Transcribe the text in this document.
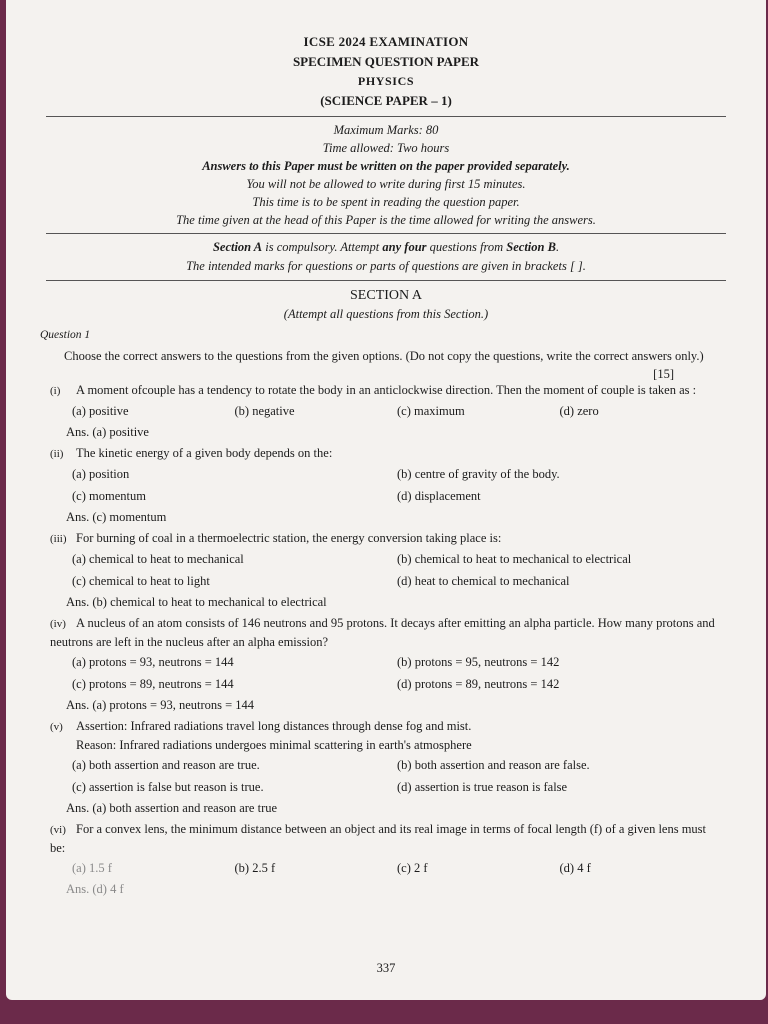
ICSE 2024 EXAMINATION
SPECIMEN QUESTION PAPER
PHYSICS
(SCIENCE PAPER – 1)
Maximum Marks: 80
Time allowed: Two hours
Answers to this Paper must be written on the paper provided separately.
You will not be allowed to write during first 15 minutes.
This time is to be spent in reading the question paper.
The time given at the head of this Paper is the time allowed for writing the answers.
Section A is compulsory. Attempt any four questions from Section B.
The intended marks for questions or parts of questions are given in brackets [ ].
SECTION A
(Attempt all questions from this Section.)
Question 1
Choose the correct answers to the questions from the given options. (Do not copy the questions, write the correct answers only.)
[15]
(i) A moment ofcouple has a tendency to rotate the body in an anticlockwise direction. Then the moment of couple is taken as :
(a) positive	(b) negative	(c) maximum	(d) zero
Ans. (a) positive
(ii) The kinetic energy of a given body depends on the:
(a) position	(b) centre of gravity of the body.
(c) momentum	(d) displacement
Ans. (c) momentum
(iii) For burning of coal in a thermoelectric station, the energy conversion taking place is:
(a) chemical to heat to mechanical	(b) chemical to heat to mechanical to electrical
(c) chemical to heat to light	(d) heat to chemical to mechanical
Ans. (b) chemical to heat to mechanical to electrical
(iv) A nucleus of an atom consists of 146 neutrons and 95 protons. It decays after emitting an alpha particle. How many protons and neutrons are left in the nucleus after an alpha emission?
(a) protons = 93, neutrons = 144	(b) protons = 95, neutrons = 142
(c) protons = 89, neutrons = 144	(d) protons = 89, neutrons = 142
Ans. (a) protons = 93, neutrons = 144
(v) Assertion: Infrared radiations travel long distances through dense fog and mist.
Reason: Infrared radiations undergoes minimal scattering in earth's atmosphere
(a) both assertion and reason are true.	(b) both assertion and reason are false.
(c) assertion is false but reason is true.	(d) assertion is true reason is false
Ans. (a) both assertion and reason are true
(vi) For a convex lens, the minimum distance between an object and its real image in terms of focal length (f) of a given lens must be:
(a) 1.5 f	(b) 2.5 f	(c) 2 f	(d) 4 f
Ans. (d) 4 f
337
